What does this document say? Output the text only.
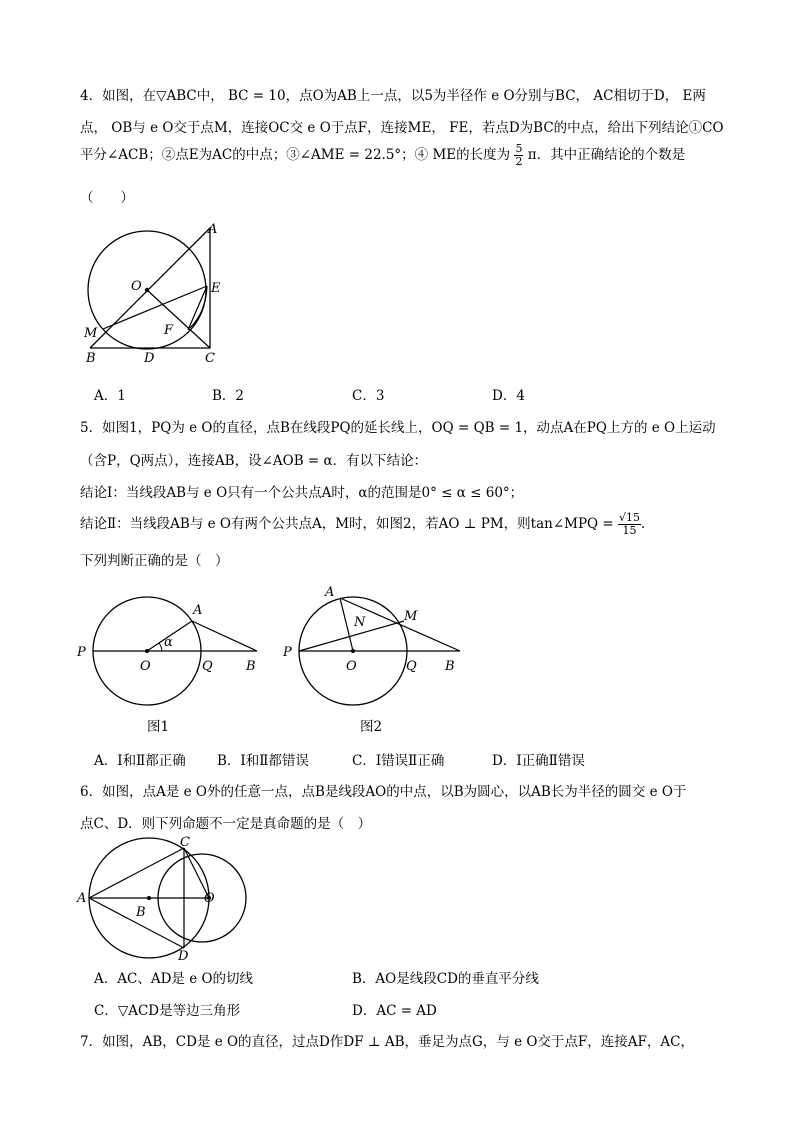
4．如图，在▽ABC中， BC = 10，点O为AB上一点，以5为半径作 e O分别与BC， AC相切于D， E两
点， OB与 e O交于点M，连接OC交 e O于点F，连接ME， FE，若点D为BC的中点，给出下列结论①CO
平分∠ACB；②点E为AC的中点；③∠AME = 22.5°；④ ME的长度为 $\frac{5}{2}$ π．其中正确结论的个数是
（　　）
A
E
O
M	F
B	D	C
A．1	B．2	C．3	D．4
5．如图1，PQ为 e O的直径，点B在线段PQ的延长线上，OQ = QB = 1，动点A在PQ上方的 e O上运动
（含P，Q两点），连接AB，设∠AOB = α．有以下结论：
结论Ⅰ：当线段AB与 e O只有一个公共点A时，α的范围是0° ≤ α ≤ 60°；
结论Ⅱ：当线段AB与 e O有两个公共点A，M时，如图2，若AO ⊥ PM，则tan∠MPQ = $\frac{√15}{15}$ ．
下列判断正确的是（　）
P
O	Q	B
A
α
图1
P
O	Q B
A
M
N
图2
A．Ⅰ和Ⅱ都正确 B．Ⅰ和Ⅱ都错误	C．Ⅰ错误Ⅱ正确	D．Ⅰ正确Ⅱ错误
6．如图，点A是 e O外的任意一点，点B是线段AO的中点，以B为圆心，以AB长为半径的圆交 e O于
点C、D．则下列命题不一定是真命题的是（　）
A
B
C
D
O
A．AC、AD是 e O的切线	B．AO是线段CD的垂直平分线
C．▽ACD是等边三角形	D．AC = AD
7．如图，AB，CD是 e O的直径，过点D作DF ⊥ AB，垂足为点G，与 e O交于点F，连接AF，AC，
